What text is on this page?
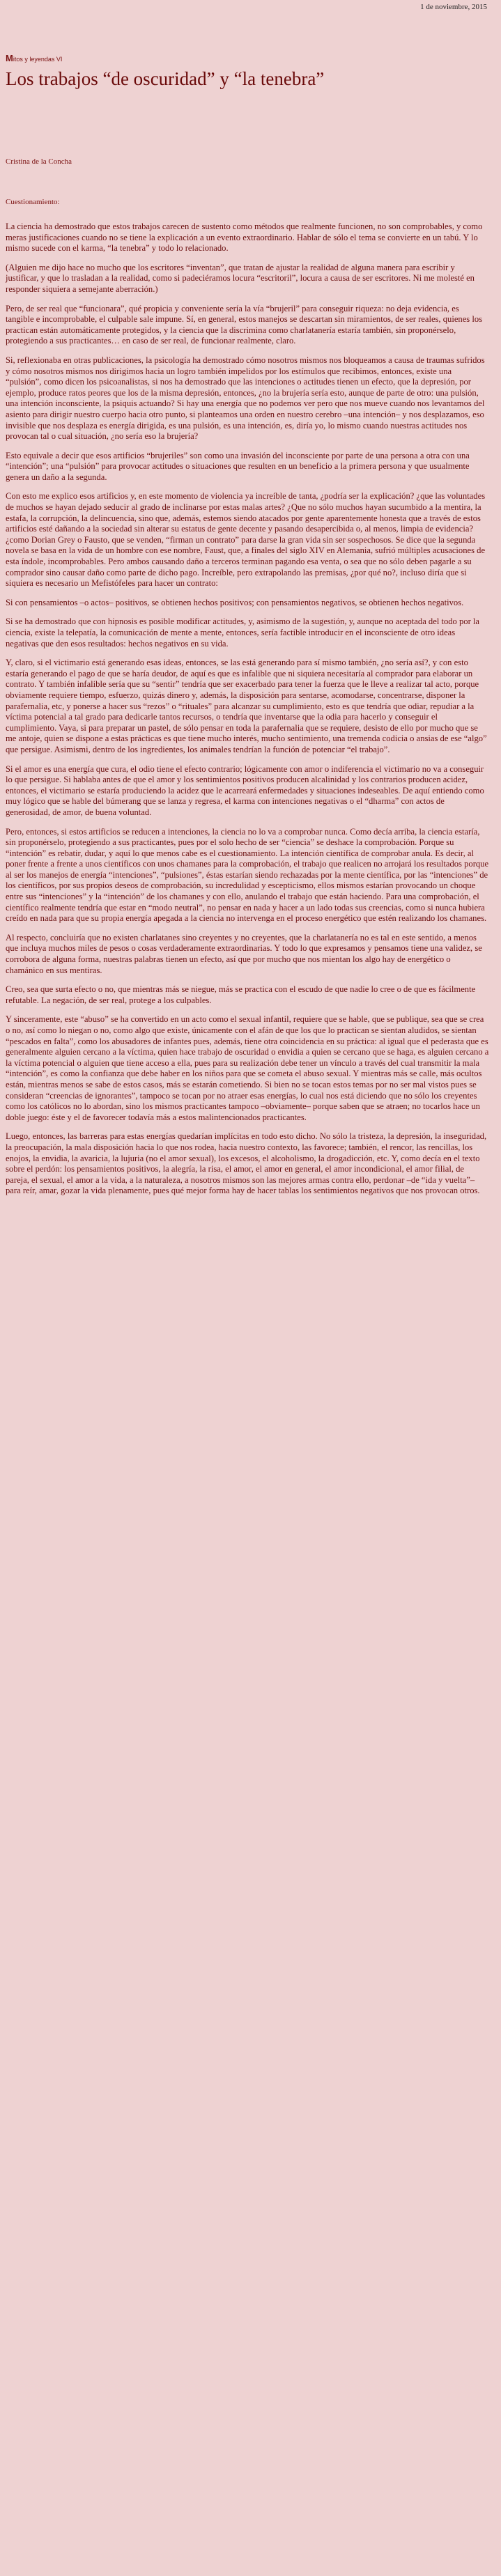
1 de noviembre, 2015
Mitos y leyendas VI
Los trabajos “de oscuridad” y “la tenebra”
Cristina de la Concha
Cuestionamiento:

La ciencia ha demostrado que estos trabajos carecen de sustento como métodos que realmente funcionen, no son comprobables, y como meras justificaciones cuando no se tiene la explicación a un evento extraordinario. Hablar de sólo el tema se convierte en un tabú. Y lo mismo sucede con el karma, “la tenebra” y todo lo relacionado.

(Alguien me dijo hace no mucho que los escritores “inventan”, que tratan de ajustar la realidad de alguna manera para escribir y justificar, y que lo trasladan a la realidad, como si padeciéramos locura “escritoril”, locura a causa de ser escritores. Ni me molesté en responder siquiera a semejante aberración.)

Pero, de ser real que “funcionara”, qué propicia y conveniente sería la vía “brujeril” para conseguir riqueza: no deja evidencia, es tangible e incomprobable, el culpable sale impune. Sí, en general, estos manejos se descartan sin miramientos, de ser reales, quienes los practican están automáticamente protegidos, y la ciencia que la discrimina como charlatanería estaría también, sin proponérselo, protegiendo a sus practicantes… en caso de ser real, de funcionar realmente, claro.

Si, reflexionaba en otras publicaciones, la psicología ha demostrado cómo nosotros mismos nos bloqueamos a causa de traumas sufridos y cómo nosotros mismos nos dirigimos hacia un logro también impelidos por los estímulos que recibimos, entonces, existe una “pulsión”, como dicen los psicoanalistas, si nos ha demostrado que las intenciones o actitudes tienen un efecto, que la depresión, por ejemplo, produce ratos peores que los de la misma depresión, entonces, ¿no la brujería sería esto, aunque de parte de otro: una pulsión, una intención inconsciente, la psiquis actuando? Si hay una energía que no podemos ver pero que nos mueve cuando nos levantamos del asiento para dirigir nuestro cuerpo hacia otro punto, si planteamos una orden en nuestro cerebro –una intención– y nos desplazamos, eso invisible que nos desplaza es energía dirigida, es una pulsión, es una intención, es, diría yo, lo mismo cuando nuestras actitudes nos provocan tal o cual situación, ¿no sería eso la brujería?

Esto equivale a decir que esos artificios “brujeriles” son como una invasión del inconsciente por parte de una persona a otra con una “intención”; una “pulsión” para provocar actitudes o situaciones que resulten en un beneficio a la primera persona y que usualmente genera un daño a la segunda.

Con esto me explico esos artificios y, en este momento de violencia ya increíble de tanta, ¿podría ser la explicación? ¿que las voluntades de muchos se hayan dejado seducir al grado de inclinarse por estas malas artes? ¿Que no sólo muchos hayan sucumbido a la mentira, la estafa, la corrupción, la delincuencia, sino que, además, estemos siendo atacados por gente aparentemente honesta que a través de estos artificios esté dañando a la sociedad sin alterar su estatus de gente decente y pasando desapercibida o, al menos, limpia de evidencia? ¿como Dorian Grey o Fausto, que se venden, “firman un contrato” para darse la gran vida sin ser sospechosos. Se dice que la segunda novela se basa en la vida de un hombre con ese nombre, Faust, que, a finales del siglo XIV en Alemania, sufrió múltiples acusaciones de esta índole, incomprobables. Pero ambos causando daño a terceros terminan pagando esa venta, o sea que no sólo deben pagarle a su comprador sino causar daño como parte de dicho pago. Increíble, pero extrapolando las premisas, ¿por qué no?, incluso diría que si siquiera es necesario un Mefistófeles para hacer un contrato:

Si con pensamientos –o actos– positivos, se obtienen hechos positivos; con pensamientos negativos, se obtienen hechos negativos.

Si se ha demostrado que con hipnosis es posible modificar actitudes, y, asimismo de la sugestión, y, aunque no aceptada del todo por la ciencia, existe la telepatía, la comunicación de mente a mente, entonces, sería factible introducir en el inconsciente de otro ideas negativas que den esos resultados: hechos negativos en su vida.

Y, claro, si el victimario está generando esas ideas, entonces, se las está generando para sí mismo también, ¿no sería así?, y con esto estaría generando el pago de que se haría deudor, de aquí es que es infalible que ni siquiera necesitaría al comprador para elaborar un contrato. Y también infalible sería que su “sentir” tendría que ser exacerbado para tener la fuerza que le lleve a realizar tal acto, porque obviamente requiere tiempo, esfuerzo, quizás dinero y, además, la disposición para sentarse, acomodarse, concentrarse, disponer la parafernalia, etc, y ponerse a hacer sus “rezos” o “rituales” para alcanzar su cumplimiento, esto es que tendría que odiar, repudiar a la víctima potencial a tal grado para dedicarle tantos recursos, o tendría que inventarse que la odia para hacerlo y conseguir el cumplimiento. Vaya, si para preparar un pastel, de sólo pensar en toda la parafernalia que se requiere, desisto de ello por mucho que se me antoje, quien se dispone a estas prácticas es que tiene mucho interés, mucho sentimiento, una tremenda codicia o ansias de ese “algo” que persigue. Asimismi, dentro de los ingredientes, los animales tendrían la función de potenciar “el trabajo”.

Si el amor es una energía que cura, el odio tiene el efecto contrario; lógicamente con amor o indiferencia el victimario no va a conseguir lo que persigue. Si hablaba antes de que el amor y los sentimientos positivos producen alcalinidad y los contrarios producen acidez, entonces, el victimario se estaría produciendo la acidez que le acarreará enfermedades y situaciones indeseables. De aquí entiendo como muy lógico que se hable del búmerang que se lanza y regresa, el karma con intenciones negativas o el “dharma” con actos de generosidad, de amor, de buena voluntad.

Pero, entonces, si estos artificios se reducen a intenciones, la ciencia no lo va a comprobar nunca. Como decía arriba, la ciencia estaría, sin proponérselo, protegiendo a sus practicantes, pues por el solo hecho de ser “ciencia” se deshace la comprobación. Porque su “intención” es rebatir, dudar, y aquí lo que menos cabe es el cuestionamiento. La intención científica de comprobar anula. Es decir, al poner frente a frente a unos científicos con unos chamanes para la comprobación, el trabajo que realicen no arrojará los resultados porque al ser los manejos de energía “intenciones”, “pulsiones”, éstas estarían siendo rechazadas por la mente científica, por las “intenciones” de los científicos, por sus propios deseos de comprobación, su incredulidad y escepticismo, ellos mismos estarían provocando un choque entre sus “intenciones” y la “intención” de los chamanes y con ello, anulando el trabajo que están haciendo. Para una comprobación, el científico realmente tendría que estar en “modo neutral”, no pensar en nada y hacer a un lado todas sus creencias, como si nunca hubiera creído en nada para que su propia energía apegada a la ciencia no intervenga en el proceso energético que estén realizando los chamanes.

Al respecto, concluiría que no existen charlatanes sino creyentes y no creyentes, que la charlatanería no es tal en este sentido, a menos que incluya muchos miles de pesos o cosas verdaderamente extraordinarias. Y todo lo que expresamos y pensamos tiene una validez, se corrobora de alguna forma, nuestras palabras tienen un efecto, así que por mucho que nos mientan los algo hay de energético o chamánico en sus mentiras.

Creo, sea que surta efecto o no, que mientras más se niegue, más se practica con el escudo de que nadie lo cree o de que es fácilmente refutable. La negación, de ser real, protege a los culpables.

Y sinceramente, este “abuso” se ha convertido en un acto como el sexual infantil, requiere que se hable, que se publique, sea que se crea o no, así como lo niegan o no, como algo que existe, únicamente con el afán de que los que lo practican se sientan aludidos, se sientan “pescados en falta”, como los abusadores de infantes pues, además, tiene otra coincidencia en su práctica: al igual que el pederasta que es generalmente alguien cercano a la víctima, quien hace trabajo de oscuridad o envidia a quien se cercano que se haga, es alguien cercano a la víctima potencial o alguien que tiene acceso a ella, pues para su realización debe tener un vínculo a través del cual transmitir la mala “intención”, es como la confianza que debe haber en los niños para que se cometa el abuso sexual. Y mientras más se calle, más ocultos están, mientras menos se sabe de estos casos, más se estarán cometiendo. Si bien no se tocan estos temas por no ser mal vistos pues se consideran “creencias de ignorantes”, tampoco se tocan por no atraer esas energías, lo cual nos está diciendo que no sólo los creyentes como los católicos no lo abordan, sino los mismos practicantes tampoco –obviamente– porque saben que se atraen; no tocarlos hace un doble juego: éste y el de favorecer todavía más a estos malintencionados practicantes.

Luego, entonces, las barreras para estas energías quedarían implícitas en todo esto dicho. No sólo la tristeza, la depresión, la inseguridad, la preocupación, la mala disposición hacia lo que nos rodea, hacia nuestro contexto, las favorece; también, el rencor, las rencillas, los enojos, la envidia, la avaricia, la lujuria (no el amor sexual), los excesos, el alcoholismo, la drogadicción, etc. Y, como decía en el texto sobre el perdón: los pensamientos positivos, la alegría, la risa, el amor, el amor en general, el amor incondicional, el amor filial, de pareja, el sexual, el amor a la vida, a la naturaleza, a nosotros mismos son las mejores armas contra ello, perdonar –de “ida y vuelta”– para reír, amar, gozar la vida plenamente, pues qué mejor forma hay de hacer tablas los sentimientos negativos que nos provocan otros.
